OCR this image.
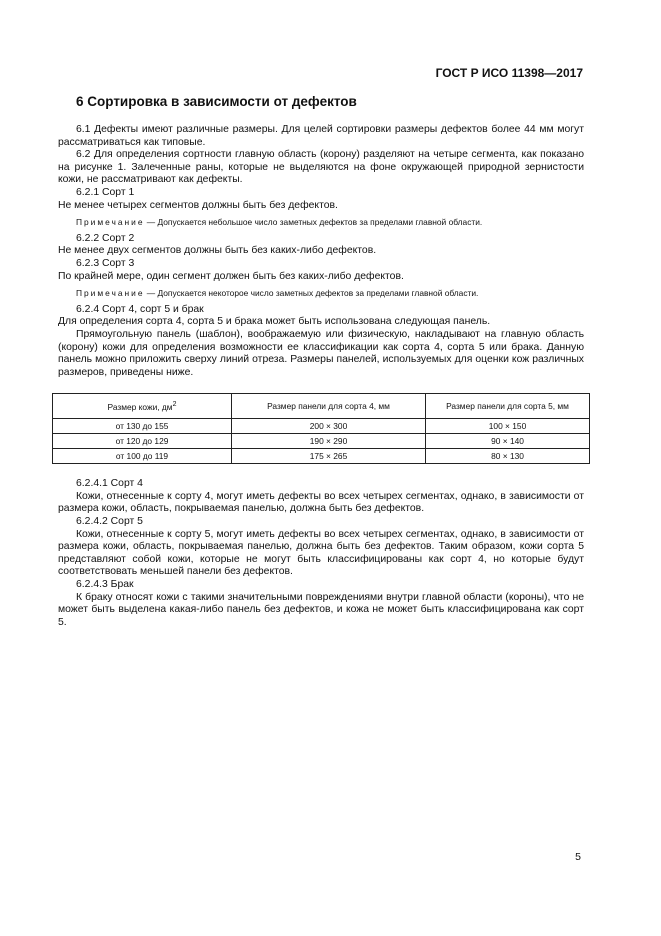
ГОСТ Р ИСО 11398—2017
6 Сортировка в зависимости от дефектов

6.1 Дефекты имеют различные размеры. Для целей сортировки размеры дефектов более 44 мм могут рассматриваться как типовые.

6.2 Для определения сортности главную область (корону) разделяют на четыре сегмента, как показано на рисунке 1. Залеченные раны, которые не выделяются на фоне окружающей природной зернистости кожи, не рассматривают как дефекты.

6.2.1 Сорт 1

Не менее четырех сегментов должны быть без дефектов.

Примечание — Допускается небольшое число заметных дефектов за пределами главной области.

6.2.2 Сорт 2

Не менее двух сегментов должны быть без каких-либо дефектов.

6.2.3 Сорт 3

По крайней мере, один сегмент должен быть без каких-либо дефектов.

Примечание — Допускается некоторое число заметных дефектов за пределами главной области.

6.2.4 Сорт 4, сорт 5 и брак

Для определения сорта 4, сорта 5 и брака может быть использована следующая панель.

Прямоугольную панель (шаблон), воображаемую или физическую, накладывают на главную область (корону) кожи для определения возможности ее классификации как сорта 4, сорта 5 или брака. Данную панель можно приложить сверху линий отреза. Размеры панелей, используемых для оценки кож различных размеров, приведены ниже.

Размер кожи, $дм^2$	Размер панели для сорта 4, мм	Размер панели для сорта 5, мм
от 130 до 155	200 × 300	100 × 150
от 120 до 129	190 × 290	90 × 140
от 100 до 119	175 × 265	80 × 130

6.2.4.1 Сорт 4

Кожи, отнесенные к сорту 4, могут иметь дефекты во всех четырех сегментах, однако, в зависимости от размера кожи, область, покрываемая панелью, должна быть без дефектов.

6.2.4.2 Сорт 5

Кожи, отнесенные к сорту 5, могут иметь дефекты во всех четырех сегментах, однако, в зависимости от размера кожи, область, покрываемая панелью, должна быть без дефектов. Таким образом, кожи сорта 5 представляют собой кожи, которые не могут быть классифицированы как сорт 4, но которые будут соответствовать меньшей панели без дефектов.

6.2.4.3 Брак

К браку относят кожи с такими значительными повреждениями внутри главной области (короны), что не может быть выделена какая-либо панель без дефектов, и кожа не может быть классифицирована как сорт 5.

5
